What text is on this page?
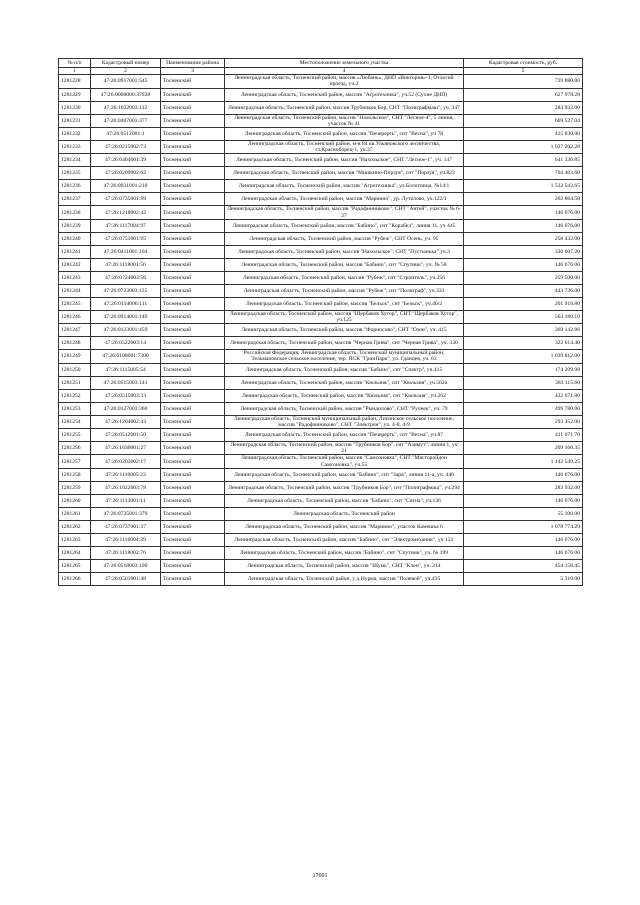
№ п/п	Кадастровый номер	Наименование района	Местоположение земельного участка	Кадастровая стоимость, руб.
1	2	3	4	5
1281228	47:26:0917001:545	Тосненский	Ленинградская область, Тосненский район, массив «Любань», ДНП «Виктория»-1, Отлогий проезд, уч.2	739 880.00
1281229	47:26:0000000:37928	Тосненский	Ленинградская область, Тосненский район, массив "Агротехника", уч.52 (Сухие ДНП)	627 978.28
1281230	47:26:1022003:112	Тосненский	Ленинградская область, Тосненский район, массив Трубников Бор, СНТ "Полиграфмаш", уч. 347	283 932.00
1281231	47:26:0407001:377	Тосненский	Ленинградская область, Тосненский район, массив "Нахольское", СНТ "Лесное-4", 5 линия, участок № 41	669 527.04
1281232	47:26:0512001:1	Тосненский	Ленинградская область, Тосненский район, массив "Печерерть", снт "Весна", уч 78	415 830.00
1281233	47:26:0215002:73	Тосненский	Ленинградская область, Тосненский район, м-в 84 кв.Ульяновского лесничества, ст.Красноборец-1, уч.37	1 037 202.28
1281234	47:26:0404001:39	Тосненский	Ленинградская область, Тосненский район, массив "Нахольское", СНТ "Лесное-1", уч. 147	641 336.85
1281235	47:26:0209002:62	Тосненский	Ленинградская область, Тосненский район, массив "Мишкино-Порзуя", снт "Порзуя", уч.823	704 403.60
1281236	47:26:0931001:210	Тосненский	Ленинградская область, Тосненский район, массив "Агротехника", ул.Болотница, №14/1	1 532 543.65
1281237	47:26:0735001:99	Тосненский	Ленинградская область, Тосненский район, массив "Мариино", ур. Лутолово, уч.122/1	262 864.58
1281238	47:26:1218002:42	Тосненский	Ленинградская область, Тосненский район, массив "Радофинниково", СНТ "Антей", участок № 6-27	146 676.00
1281239	47:26:1117004:97	Тосненский	Ленинградская область, Тосненский район, массив "Бабино", снт "Корабел", линия 11, уч 445	146 676.00
1281240	47:26:0751001:95	Тосненский	Ленинградская область, Тосненский район, массив "Рубеж", СНТ Осень, уч. 95	258 432.00
1281241	47:26:0411001:104	Тосненский	Ленинградская область, Тосненский район, массив "Нахольское", СНТ "Пустынька" уч.3	330 607.20
1281242	47:26:1118001:50	Тосненский	Ленинградская область, Тосненский район, массив "Бабино", снт "Спутник", уч. № 58	146 676.00
1281243	47:26:0724003:56	Тосненский	Ленинградская область, Тосненский район, массив "Рубеж", снт "Строитель", уч.256	259 500.00
1281244	47:26:0723003:135	Тосненский	Ленинградская область, Тосненский район, массив "Рубеж", снт "Полиграф", уч.333	443 736.00
1281245	47:26:0134006:111	Тосненский	Ленинградская область, Тосненский район, массив "Бельск", снт "Бельск", уч.46/2	201 916.80
1281246	47:26:0914001:140	Тосненский	Ленинградская область, Тосненский район, массив "Щербаков Хутор", СНТ "Щербаков Хутор", уч.125	563 180.10
1281247	47:26:0123001:459	Тосненский	Ленинградская область, Тосненский район, массив "Форносово", СНТ "Озон", уч. 415	369 142.86
1281248	47:26:0522003:14	Тосненский	Ленинградская область, Тосненский район, массив "Черная Грива", снт "Черная Грива", уч. 330	322 614.40
1281249	47:26:0108001:7300	Тосненский	Российская Федерация, Ленинградская область, Тосненский муниципальный район, Тельмановское сельское поселение, тер. ПСК "ГринПарк", ул. Гданцев, уч. 63	1 039 812.00
1281250	47:26:1115005:54	Тосненский	Ленинградская область, Тосненский район, массив "Бабино", снт "Спектр", уч.415	174 209.98
1281251	47:26:0515003:141	Тосненский	Ленинградская область, Тосненский район, массив "Кюльзия", снт "Кюльзия", уч.562а	383 115.60
1281252	47:26:0515003:33	Тосненский	Ленинградская область, Тосненский район, массив "Кюльзия", снт "Кюльзия", уч.262	432 671.80
1281253	47:26:0127001:360	Тосненский	Ленинградская область, Тосненский район, массив "Рындилово", СНТ "Ручеек", уч. 79	499 780.00
1281254	47:26:1204002:43	Тосненский	Ленинградская область, Тосненский муниципальный район, Лисинское сельское поселение, массив "Радофинниково", СНТ "Электрон", уч. 4-8, 4-9	293 352.00
1281255	47:26:0512001:50	Тосненский	Ленинградская область, Тосненский район, массив "Печерерть", снт "Весна", уч.87	411 671.70
1281256	47:26:1030001:27	Тосненский	Ленинградская область, Тосненский район, массив "Трубников Бор", снт "Азимут", линия 1, уч 21	209 160.35
1281257	47:26:0203002:17	Тосненский	Ленинградская область, Тосненский район, массив "Самсоновка", СНТ "Мясторойдон Самсоновка", уч.55	1 142 549.25
1281258	47:26:1110005:23	Тосненский	Ленинградская область, Тосненский район, массив "Бабино", снт "Заря", линия 11-а, уч. 446	146 676.00
1281259	47:26:1022003:78	Тосненский	Ленинградская область, Тосненский район, массив "Трубников Бор", снт "Полиграфмаш", уч.294	283 932.00
1281260	47:26:1113001:11	Тосненский	Ленинградская область, Тосненский район, массив "Бабино", снт "Сигна", уч.136	146 676.00
1281261	47:26:0735001:379	Тосненский	Ленинградская область, Тосненский район	55 100.00
1281262	47:26:0737001:37	Тосненский	Ленинградская область, Тосненский район, массив "Мариино", участок Камешка 6	1 078 774.29
1281263	47:26:1116004:39	Тосненский	Ленинградская область, Тосненский район, массив "Бабино", снт "Электромеханик", уч 131	146 676.00
1281264	47:26:1118002:76	Тосненский	Ленинградская область, Тосненский район, массив "Бабино", снт "Спутник", уч. № 199	146 676.00
1281265	47:26:0518003:100	Тосненский	Ленинградская область, Тосненский район, массив "Шумь", СНТ "Клен", уч. 214	454 158.45
1281266	47:26:0501001:48	Тосненский	Ленинградская область, Тосненский район, у д.Нурма, массив "Полевой", уч.435	5 310.00
17601
